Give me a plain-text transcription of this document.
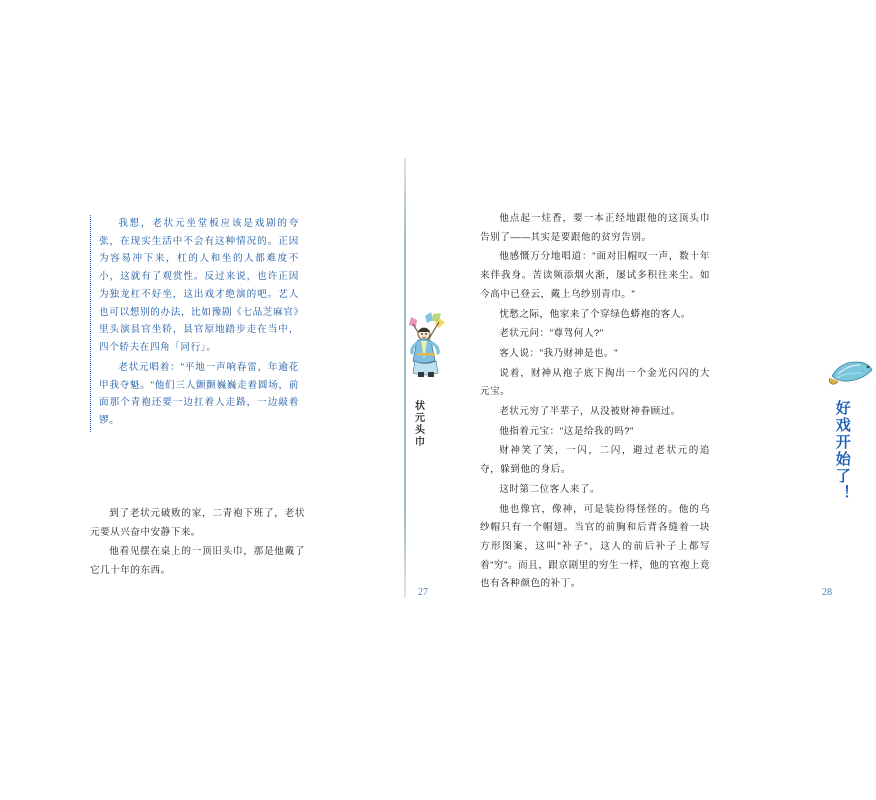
我想，老状元坐堂板应该是戏剧的夸张，在现实生活中不会有这种情况的。正因为容易冲下来，杠的人和坐的人都难度不小，这就有了观赏性。反过来说，也许正因为独龙杠不好坐，这出戏才绝演的吧。艺人也可以想别的办法，比如豫剧《七品芝麻官》里头演县官坐轿，县官原地踏步走在当中，四个轿夫在四角「同行」。

老状元唱着："平地一声响春雷，年逾花甲我夺魁。"他们三人颤颤巍巍走着圆场，前面那个青袍还要一边扛着人走路，一边敲着锣。

到了老状元破败的家，二青袍下班了，老状元要从兴奋中安静下来。

他看见摆在桌上的一顶旧头巾，那是他戴了它几十年的东西。

状元头巾
27

他点起一炷香，要一本正经地跟他的这顶头巾告别了——其实是要跟他的贫穷告别。

他感慨万分地唱道："面对旧帽叹一声，数十年来伴我身。苦读频添烟火渐，屡试多积往来尘。如今高中已登云，戴上乌纱别青巾。"

忧愁之际，他家来了个穿绿色蟒袍的客人。

老状元问："尊驾何人?"

客人说："我乃财神是也。"

说着，财神从袍子底下掏出一个金光闪闪的大元宝。

老状元穷了半辈子，从没被财神眷顾过。

他指着元宝："这是给我的吗?"

财神笑了笑，一闪，二闪，避过老状元的追夺，躲到他的身后。

这时第二位客人来了。

他也像官，像神，可是装扮得怪怪的。他的乌纱帽只有一个帽翅。当官的前胸和后背各缝着一块方形图案，这叫"补子"，这人的前后补子上都写着"穷"。而且，跟京剧里的穷生一样，他的官袍上竟也有各种颜色的补丁。

好戏开始了！
28
